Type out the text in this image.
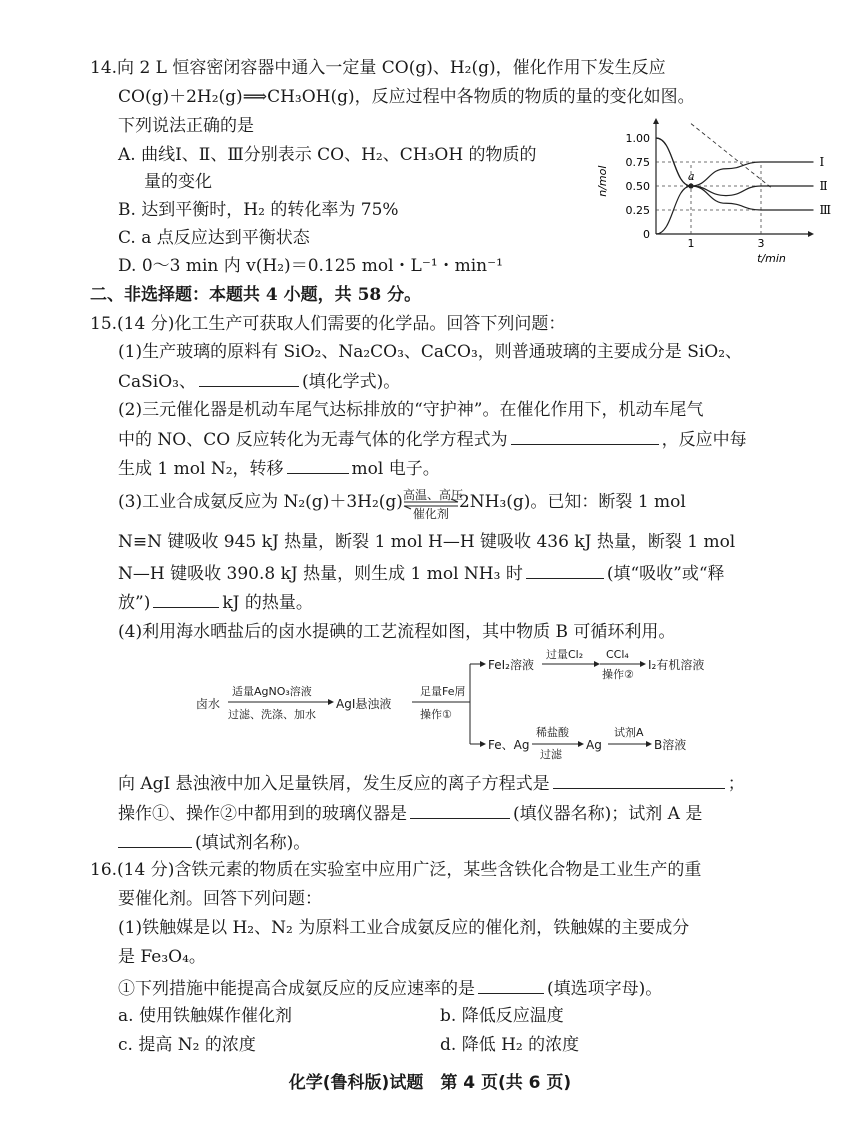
14.向 2 L 恒容密闭容器中通入一定量 CO(g)、H₂(g)，催化作用下发生反应
CO(g)＋2H₂(g)⟹CH₃OH(g)，反应过程中各物质的物质的量的变化如图。
下列说法正确的是
A. 曲线Ⅰ、Ⅱ、Ⅲ分别表示 CO、H₂、CH₃OH 的物质的
量的变化
B. 达到平衡时，H₂ 的转化率为 75%
C. a 点反应达到平衡状态
D. 0～3 min 内 v(H₂)＝0.125 mol・L⁻¹・min⁻¹
1.00
0.75
0.50
0.25
0
1	3
n/mol
t/min
Ⅰ
Ⅱ
Ⅲ
a
二、非选择题：本题共 4 小题，共 58 分。
15.(14 分)化工生产可获取人们需要的化学品。回答下列问题：
(1)生产玻璃的原料有 SiO₂、Na₂CO₃、CaCO₃，则普通玻璃的主要成分是 SiO₂、
CaSiO₃、	(填化学式)。
(2)三元催化器是机动车尾气达标排放的“守护神”。在催化作用下，机动车尾气
中的 NO、CO 反应转化为无毒气体的化学方程式为	，反应中每
生成 1 mol N₂，转移	mol 电子。
(3)工业合成氨反应为 N₂(g)＋3H₂(g) 高温、高压
催化剂
2NH₃(g)。已知：断裂 1 mol
N≡N 键吸收 945 kJ 热量，断裂 1 mol H—H 键吸收 436 kJ 热量，断裂 1 mol
N—H 键吸收 390.8 kJ 热量，则生成 1 mol NH₃ 时	(填“吸收”或“释
放”)	kJ 的热量。
(4)利用海水晒盐后的卤水提碘的工艺流程如图，其中物质 B 可循环利用。
卤水
适量AgNO₃溶液
过滤、洗涤、加水
AgI悬浊液
足量Fe屑
操作①
FeI₂溶液
过量Cl₂ CCl₄
操作②
I₂有机溶液
Fe、Ag
稀盐酸
过滤
Ag
试剂A
B溶液
向 AgI 悬浊液中加入足量铁屑，发生反应的离子方程式是	；
操作①、操作②中都用到的玻璃仪器是	(填仪器名称)；试剂 A 是
(填试剂名称)。
16.(14 分)含铁元素的物质在实验室中应用广泛，某些含铁化合物是工业生产的重
要催化剂。回答下列问题：
(1)铁触媒是以 H₂、N₂ 为原料工业合成氨反应的催化剂，铁触媒的主要成分
是 Fe₃O₄。
①下列措施中能提高合成氨反应的反应速率的是	(填选项字母)。
a. 使用铁触媒作催化剂	b. 降低反应温度
c. 提高 N₂ 的浓度	d. 降低 H₂ 的浓度
化学(鲁科版)试题　第 4 页(共 6 页)
